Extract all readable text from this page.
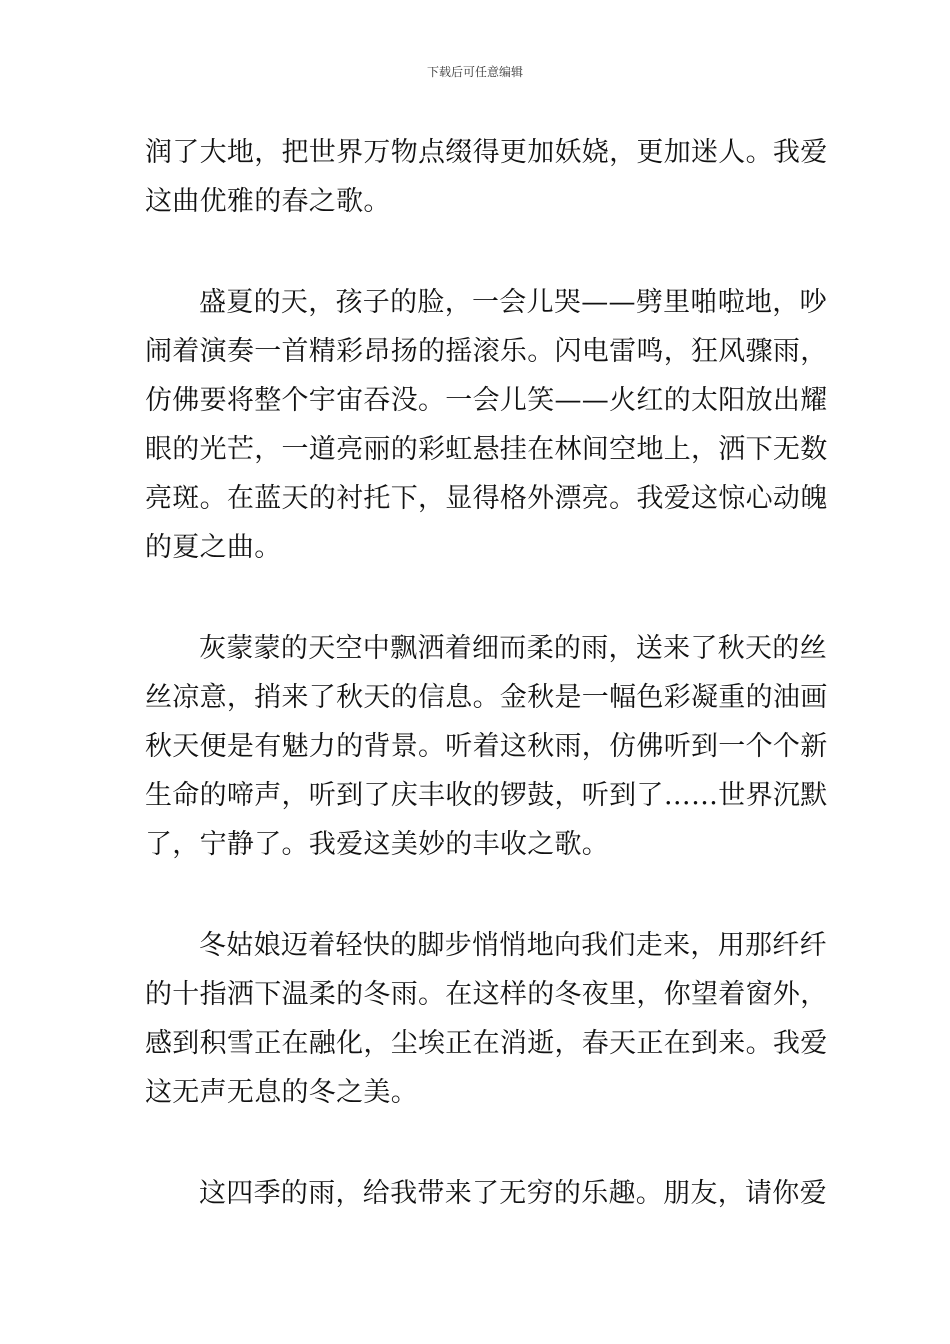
下载后可任意编辑
润了大地，把世界万物点缀得更加妖娆，更加迷人。我爱
这曲优雅的春之歌。
盛夏的天，孩子的脸，一会儿哭——劈里啪啦地，吵
闹着演奏一首精彩昂扬的摇滚乐。闪电雷鸣，狂风骤雨，
仿佛要将整个宇宙吞没。一会儿笑——火红的太阳放出耀
眼的光芒，一道亮丽的彩虹悬挂在林间空地上，洒下无数
亮斑。在蓝天的衬托下，显得格外漂亮。我爱这惊心动魄
的夏之曲。
灰蒙蒙的天空中飘洒着细而柔的雨，送来了秋天的丝
丝凉意，捎来了秋天的信息。金秋是一幅色彩凝重的油画
秋天便是有魅力的背景。听着这秋雨，仿佛听到一个个新
生命的啼声，听到了庆丰收的锣鼓，听到了……世界沉默
了，宁静了。我爱这美妙的丰收之歌。
冬姑娘迈着轻快的脚步悄悄地向我们走来，用那纤纤
的十指洒下温柔的冬雨。在这样的冬夜里，你望着窗外，
感到积雪正在融化，尘埃正在消逝，春天正在到来。我爱
这无声无息的冬之美。
这四季的雨，给我带来了无穷的乐趣。朋友，请你爱
